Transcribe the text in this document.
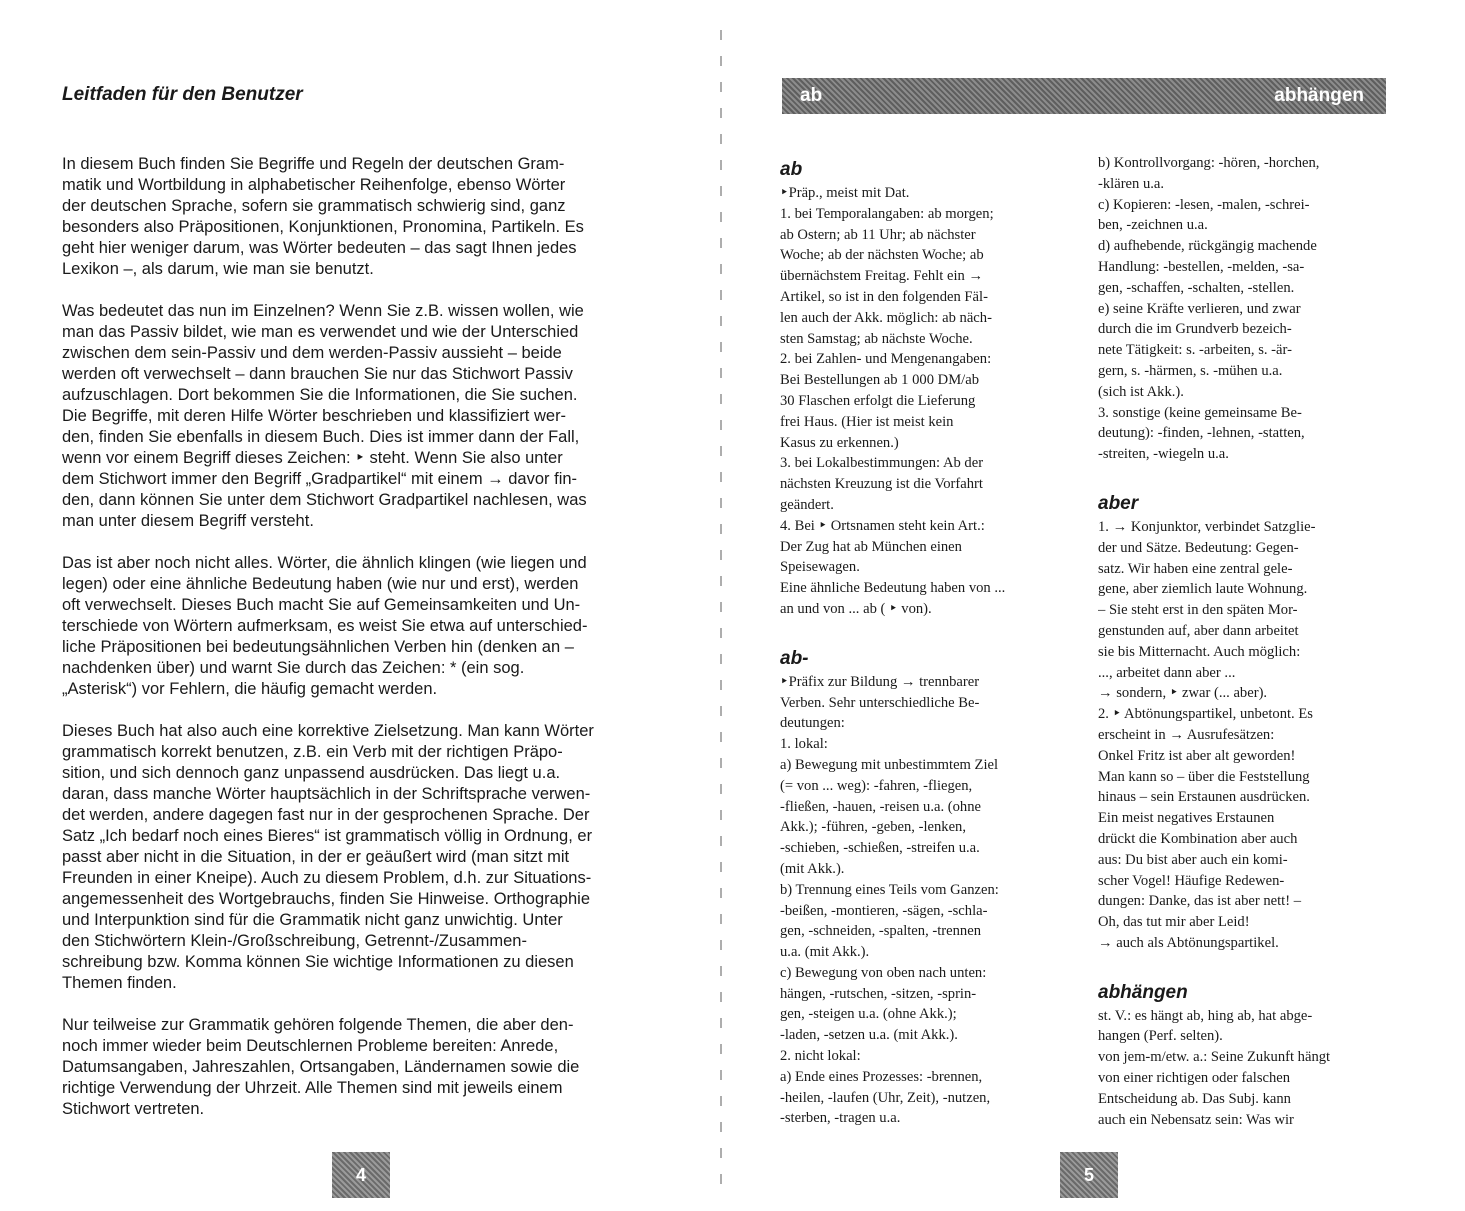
Leitfaden für den Benutzer

In diesem Buch finden Sie Begriffe und Regeln der deutschen Gram-
matik und Wortbildung in alphabetischer Reihenfolge, ebenso Wörter
der deutschen Sprache, sofern sie grammatisch schwierig sind, ganz
besonders also Präpositionen, Konjunktionen, Pronomina, Partikeln. Es
geht hier weniger darum, was Wörter bedeuten – das sagt Ihnen jedes
Lexikon –, als darum, wie man sie benutzt.

Was bedeutet das nun im Einzelnen? Wenn Sie z.B. wissen wollen, wie
man das Passiv bildet, wie man es verwendet und wie der Unterschied
zwischen dem sein-Passiv und dem werden-Passiv aussieht – beide
werden oft verwechselt – dann brauchen Sie nur das Stichwort Passiv
aufzuschlagen. Dort bekommen Sie die Informationen, die Sie suchen.
Die Begriffe, mit deren Hilfe Wörter beschrieben und klassifiziert wer-
den, finden Sie ebenfalls in diesem Buch. Dies ist immer dann der Fall,
wenn vor einem Begriff dieses Zeichen: ‣ steht. Wenn Sie also unter
dem Stichwort immer den Begriff „Gradpartikel“ mit einem → davor fin-
den, dann können Sie unter dem Stichwort Gradpartikel nachlesen, was
man unter diesem Begriff versteht.

Das ist aber noch nicht alles. Wörter, die ähnlich klingen (wie liegen und
legen) oder eine ähnliche Bedeutung haben (wie nur und erst), werden
oft verwechselt. Dieses Buch macht Sie auf Gemeinsamkeiten und Un-
terschiede von Wörtern aufmerksam, es weist Sie etwa auf unterschied-
liche Präpositionen bei bedeutungsähnlichen Verben hin (denken an –
nachdenken über) und warnt Sie durch das Zeichen: * (ein sog.
„Asterisk“) vor Fehlern, die häufig gemacht werden.

Dieses Buch hat also auch eine korrektive Zielsetzung. Man kann Wörter
grammatisch korrekt benutzen, z.B. ein Verb mit der richtigen Präpo-
sition, und sich dennoch ganz unpassend ausdrücken. Das liegt u.a.
daran, dass manche Wörter hauptsächlich in der Schriftsprache verwen-
det werden, andere dagegen fast nur in der gesprochenen Sprache. Der
Satz „Ich bedarf noch eines Bieres“ ist grammatisch völlig in Ordnung, er
passt aber nicht in die Situation, in der er geäußert wird (man sitzt mit
Freunden in einer Kneipe). Auch zu diesem Problem, d.h. zur Situations-
angemessenheit des Wortgebrauchs, finden Sie Hinweise. Orthographie
und Interpunktion sind für die Grammatik nicht ganz unwichtig. Unter
den Stichwörtern Klein-/Großschreibung, Getrennt-/Zusammen-
schreibung bzw. Komma können Sie wichtige Informationen zu diesen
Themen finden.

Nur teilweise zur Grammatik gehören folgende Themen, die aber den-
noch immer wieder beim Deutschlernen Probleme bereiten: Anrede,
Datumsangaben, Jahreszahlen, Ortsangaben, Ländernamen sowie die
richtige Verwendung der Uhrzeit. Alle Themen sind mit jeweils einem
Stichwort vertreten.

4
ab	abhängen
ab
‣Präp., meist mit Dat.
1. bei Temporalangaben: ab morgen;
ab Ostern; ab 11 Uhr; ab nächster
Woche; ab der nächsten Woche; ab
übernächstem Freitag. Fehlt ein →
Artikel, so ist in den folgenden Fäl-
len auch der Akk. möglich: ab näch-
sten Samstag; ab nächste Woche.
2. bei Zahlen- und Mengenangaben:
Bei Bestellungen ab 1 000 DM/ab
30 Flaschen erfolgt die Lieferung
frei Haus. (Hier ist meist kein
Kasus zu erkennen.)
3. bei Lokalbestimmungen: Ab der
nächsten Kreuzung ist die Vorfahrt
geändert.
4. Bei ‣ Ortsnamen steht kein Art.:
Der Zug hat ab München einen
Speisewagen.
Eine ähnliche Bedeutung haben von ...
an und von ... ab ( ‣ von).
ab-
‣Präfix zur Bildung → trennbarer
Verben. Sehr unterschiedliche Be-
deutungen:
1. lokal:
a) Bewegung mit unbestimmtem Ziel
(= von ... weg): -fahren, -fliegen,
-fließen, -hauen, -reisen u.a. (ohne
Akk.); -führen, -geben, -lenken,
-schieben, -schießen, -streifen u.a.
(mit Akk.).
b) Trennung eines Teils vom Ganzen:
-beißen, -montieren, -sägen, -schla-
gen, -schneiden, -spalten, -trennen
u.a. (mit Akk.).
c) Bewegung von oben nach unten:
hängen, -rutschen, -sitzen, -sprin-
gen, -steigen u.a. (ohne Akk.);
-laden, -setzen u.a. (mit Akk.).
2. nicht lokal:
a) Ende eines Prozesses: -brennen,
-heilen, -laufen (Uhr, Zeit), -nutzen,
-sterben, -tragen u.a.
b) Kontrollvorgang: -hören, -horchen,
-klären u.a.
c) Kopieren: -lesen, -malen, -schrei-
ben, -zeichnen u.a.
d) aufhebende, rückgängig machende
Handlung: -bestellen, -melden, -sa-
gen, -schaffen, -schalten, -stellen.
e) seine Kräfte verlieren, und zwar
durch die im Grundverb bezeich-
nete Tätigkeit: s. -arbeiten, s. -är-
gern, s. -härmen, s. -mühen u.a.
(sich ist Akk.).
3. sonstige (keine gemeinsame Be-
deutung): -finden, -lehnen, -statten,
-streiten, -wiegeln u.a.
aber
1. → Konjunktor, verbindet Satzglie-
der und Sätze. Bedeutung: Gegen-
satz. Wir haben eine zentral gele-
gene, aber ziemlich laute Wohnung.
– Sie steht erst in den späten Mor-
genstunden auf, aber dann arbeitet
sie bis Mitternacht. Auch möglich:
..., arbeitet dann aber ...
→ sondern, ‣ zwar (... aber).
2. ‣ Abtönungspartikel, unbetont. Es
erscheint in → Ausrufesätzen:
Onkel Fritz ist aber alt geworden!
Man kann so – über die Feststellung
hinaus – sein Erstaunen ausdrücken.
Ein meist negatives Erstaunen
drückt die Kombination aber auch
aus: Du bist aber auch ein komi-
scher Vogel! Häufige Redewen-
dungen: Danke, das ist aber nett! –
Oh, das tut mir aber Leid!
→ auch als Abtönungspartikel.
abhängen
st. V.: es hängt ab, hing ab, hat abge-
hangen (Perf. selten).
von jem-m/etw. a.: Seine Zukunft hängt
von einer richtigen oder falschen
Entscheidung ab. Das Subj. kann
auch ein Nebensatz sein: Was wir
5
